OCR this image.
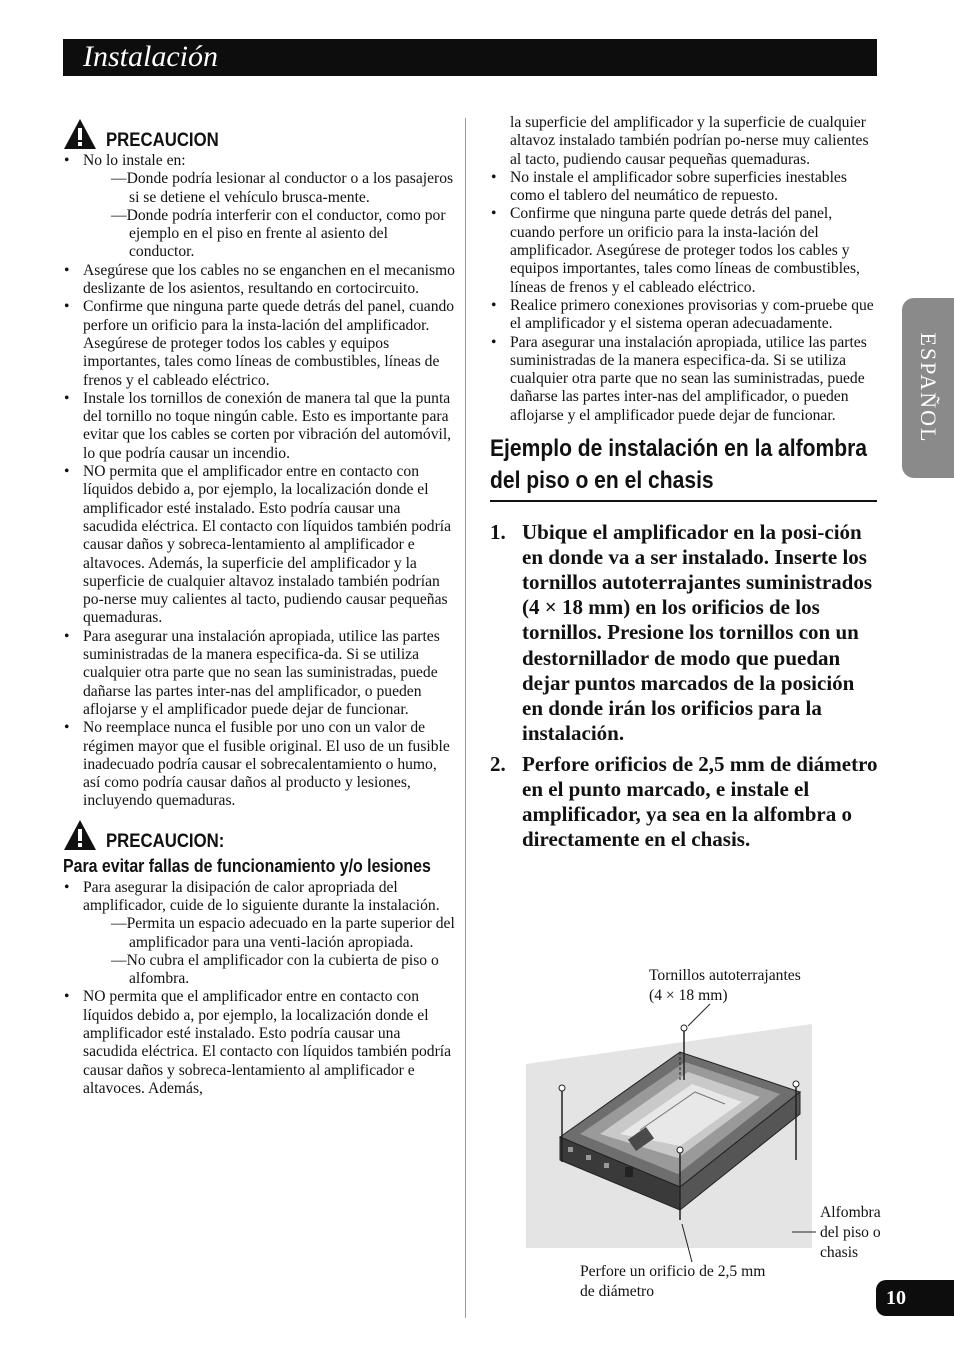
Instalación
PRECAUCION
• No lo instale en:
—Donde podría lesionar al conductor o a los pasajeros si se detiene el vehículo brusca-mente.
—Donde podría interferir con el conductor, como por ejemplo en el piso en frente al asiento del conductor.
• Asegúrese que los cables no se enganchen en el mecanismo deslizante de los asientos, resultando en cortocircuito.
• Confirme que ninguna parte quede detrás del panel, cuando perfore un orificio para la insta-lación del amplificador. Asegúrese de proteger todos los cables y equipos importantes, tales como líneas de combustibles, líneas de frenos y el cableado eléctrico.
• Instale los tornillos de conexión de manera tal que la punta del tornillo no toque ningún cable. Esto es importante para evitar que los cables se corten por vibración del automóvil, lo que podría causar un incendio.
• NO permita que el amplificador entre en contacto con líquidos debido a, por ejemplo, la localización donde el amplificador esté instalado. Esto podría causar una sacudida eléctrica. El contacto con líquidos también podría causar daños y sobreca-lentamiento al amplificador e altavoces. Además, la superficie del amplificador y la superficie de cualquier altavoz instalado también podrían po-nerse muy calientes al tacto, pudiendo causar pequeñas quemaduras.
• Para asegurar una instalación apropiada, utilice las partes suministradas de la manera especifica-da. Si se utiliza cualquier otra parte que no sean las suministradas, puede dañarse las partes inter-nas del amplificador, o pueden aflojarse y el amplificador puede dejar de funcionar.
• No reemplace nunca el fusible por uno con un valor de régimen mayor que el fusible original. El uso de un fusible inadecuado podría causar el sobrecalentamiento o humo, así como podría causar daños al producto y lesiones, incluyendo quemaduras.
PRECAUCION:
Para evitar fallas de funcionamiento y/o lesiones
• Para asegurar la disipación de calor apropriada del amplificador, cuide de lo siguiente durante la instalación.
—Permita un espacio adecuado en la parte superior del amplificador para una venti-lación apropiada.
—No cubra el amplificador con la cubierta de piso o alfombra.
• NO permita que el amplificador entre en contacto con líquidos debido a, por ejemplo, la localización donde el amplificador esté instalado. Esto podría causar una sacudida eléctrica. El contacto con líquidos también podría causar daños y sobreca-lentamiento al amplificador e altavoces. Además,
la superficie del amplificador y la superficie de cualquier altavoz instalado también podrían po-nerse muy calientes al tacto, pudiendo causar pequeñas quemaduras.
• No instale el amplificador sobre superficies inestables como el tablero del neumático de repuesto.
• Confirme que ninguna parte quede detrás del panel, cuando perfore un orificio para la insta-lación del amplificador. Asegúrese de proteger todos los cables y equipos importantes, tales como líneas de combustibles, líneas de frenos y el cableado eléctrico.
• Realice primero conexiones provisorias y com-pruebe que el amplificador y el sistema operan adecuadamente.
• Para asegurar una instalación apropiada, utilice las partes suministradas de la manera especifica-da. Si se utiliza cualquier otra parte que no sean las suministradas, puede dañarse las partes inter-nas del amplificador, o pueden aflojarse y el amplificador puede dejar de funcionar.
Ejemplo de instalación en la alfombra del piso o en el chasis
1. Ubique el amplificador en la posi-ción en donde va a ser instalado. Inserte los tornillos autoterrajantes suministrados (4 × 18 mm) en los orificios de los tornillos. Presione los tornillos con un destornillador de modo que puedan dejar puntos marcados de la posición en donde irán los orificios para la instalación.
2. Perfore orificios de 2,5 mm de diámetro en el punto marcado, e instale el amplificador, ya sea en la alfombra o directamente en el chasis.
Tornillos autoterrajantes
(4 × 18 mm)
Alfombra
del piso o
chasis
Perfore un orificio de 2,5 mm
de diámetro
ESPAÑOL
10
